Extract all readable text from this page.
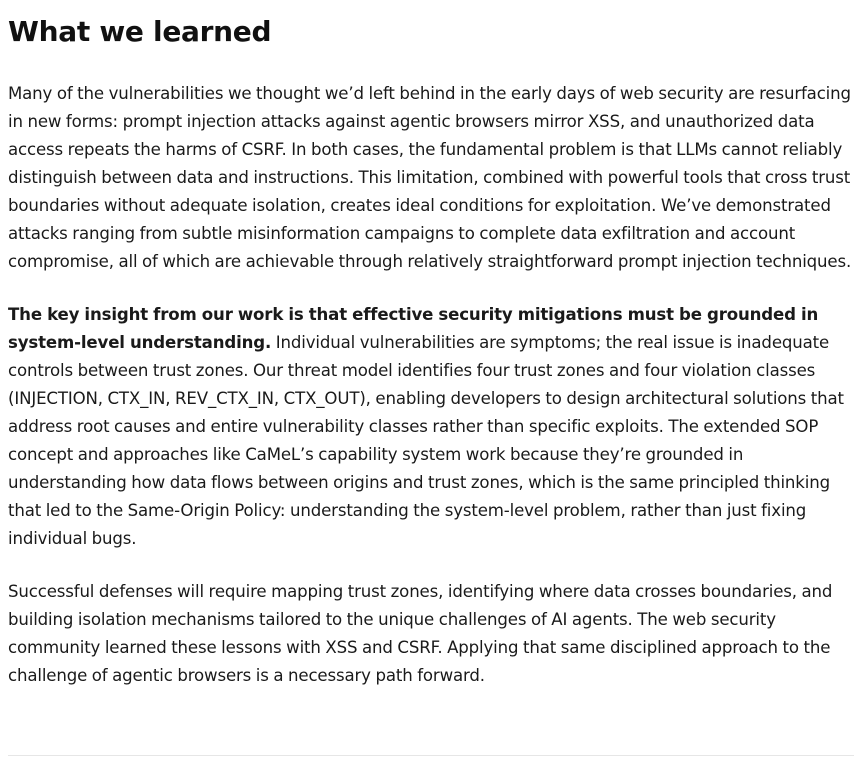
What we learned

Many of the vulnerabilities we thought we’d left behind in the early days of web security are resurfacing in new forms: prompt injection attacks against agentic browsers mirror XSS, and unauthorized data access repeats the harms of CSRF. In both cases, the fundamental problem is that LLMs cannot reliably distinguish between data and instructions. This limitation, combined with powerful tools that cross trust boundaries without adequate isolation, creates ideal conditions for exploitation. We’ve demonstrated attacks ranging from subtle misinformation campaigns to complete data exfiltration and account compromise, all of which are achievable through relatively straightforward prompt injection techniques.

The key insight from our work is that effective security mitigations must be grounded in system-level understanding. Individual vulnerabilities are symptoms; the real issue is inadequate controls between trust zones. Our threat model identifies four trust zones and four violation classes (INJECTION, CTX_IN, REV_CTX_IN, CTX_OUT), enabling developers to design architectural solutions that address root causes and entire vulnerability classes rather than specific exploits. The extended SOP concept and approaches like CaMeL’s capability system work because they’re grounded in understanding how data flows between origins and trust zones, which is the same principled thinking that led to the Same-Origin Policy: understanding the system-level problem, rather than just fixing individual bugs.

Successful defenses will require mapping trust zones, identifying where data crosses boundaries, and building isolation mechanisms tailored to the unique challenges of AI agents. The web security community learned these lessons with XSS and CSRF. Applying that same disciplined approach to the challenge of agentic browsers is a necessary path forward.
